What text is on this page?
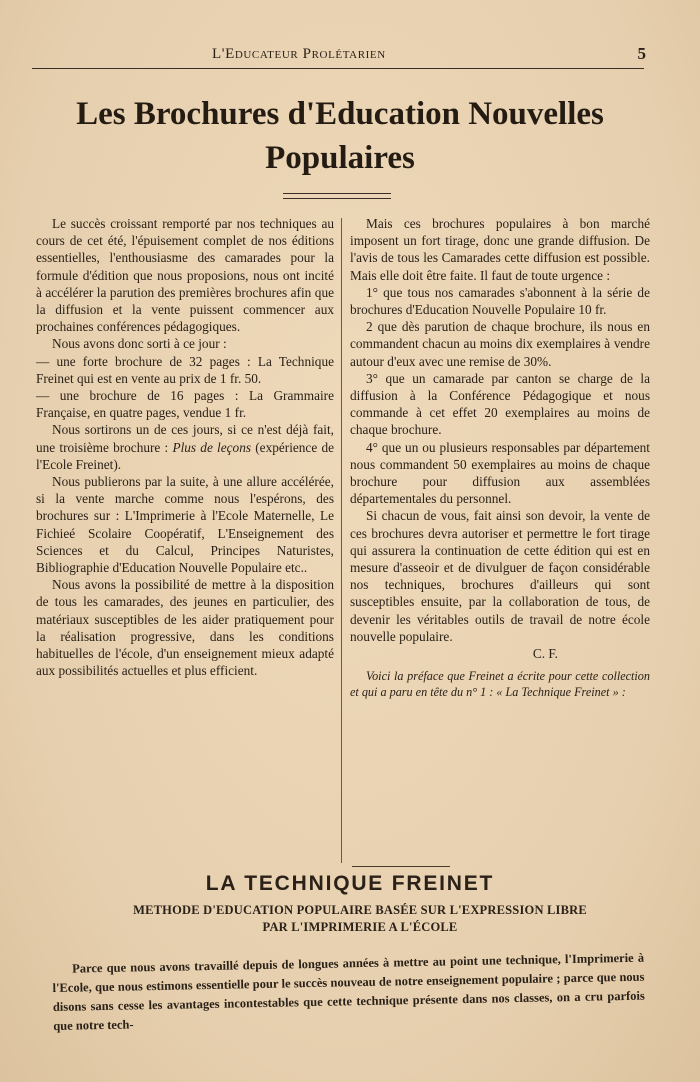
L'Educateur Prolétarien	5
Les Brochures d'Education Nouvelles
Populaires

Le succès croissant remporté par nos techniques au cours de cet été, l'épuisement complet de nos éditions essentielles, l'enthousiasme des camarades pour la formule d'édition que nous proposions, nous ont incité à accélérer la parution des premières brochures afin que la diffusion et la vente puissent commencer aux prochaines conférences pédagogiques.

Nous avons donc sorti à ce jour :

— une forte brochure de 32 pages : La Technique Freinet qui est en vente au prix de 1 fr. 50.

— une brochure de 16 pages : La Grammaire Française, en quatre pages, vendue 1 fr.

Nous sortirons un de ces jours, si ce n'est déjà fait, une troisième brochure : Plus de leçons (expérience de l'Ecole Freinet).

Nous publierons par la suite, à une allure accélérée, si la vente marche comme nous l'espérons, des brochures sur : L'Imprimerie à l'Ecole Maternelle, Le Fichieé Scolaire Coopératif, L'Enseignement des Sciences et du Calcul, Principes Naturistes, Bibliographie d'Education Nouvelle Populaire etc..

Nous avons la possibilité de mettre à la disposition de tous les camarades, des jeunes en particulier, des matériaux susceptibles de les aider pratiquement pour la réalisation progressive, dans les conditions habituelles de l'école, d'un enseignement mieux adapté aux possibilités actuelles et plus efficient.

Mais ces brochures populaires à bon marché imposent un fort tirage, donc une grande diffusion. De l'avis de tous les Camarades cette diffusion est possible. Mais elle doit être faite. Il faut de toute urgence :

1° que tous nos camarades s'abonnent à la série de brochures d'Education Nouvelle Populaire 10 fr.

2 que dès parution de chaque brochure, ils nous en commandent chacun au moins dix exemplaires à vendre autour d'eux avec une remise de 30%.

3° que un camarade par canton se charge de la diffusion à la Conférence Pédagogique et nous commande à cet effet 20 exemplaires au moins de chaque brochure.

4° que un ou plusieurs responsables par département nous commandent 50 exemplaires au moins de chaque brochure pour diffusion aux assemblées départementales du personnel.

Si chacun de vous, fait ainsi son devoir, la vente de ces brochures devra autoriser et permettre le fort tirage qui assurera la continuation de cette édition qui est en mesure d'asseoir et de divulguer de façon considérable nos techniques, brochures d'ailleurs qui sont susceptibles ensuite, par la collaboration de tous, de devenir les véritables outils de travail de notre école nouvelle populaire.

C. F.

Voici la préface que Freinet a écrite pour cette collection et qui a paru en tête du n° 1 : « La Technique Freinet » :

LA TECHNIQUE FREINET
METHODE D'EDUCATION POPULAIRE BASÉE SUR L'EXPRESSION LIBRE
PAR L'IMPRIMERIE A L'ÉCOLE

Parce que nous avons travaillé depuis de longues années à mettre au point une technique, l'Imprimerie à l'Ecole, que nous estimons essentielle pour le succès nouveau de notre enseignement populaire ; parce que nous disons sans cesse les avantages incontestables que cette technique présente dans nos classes, on a cru parfois que notre tech-
